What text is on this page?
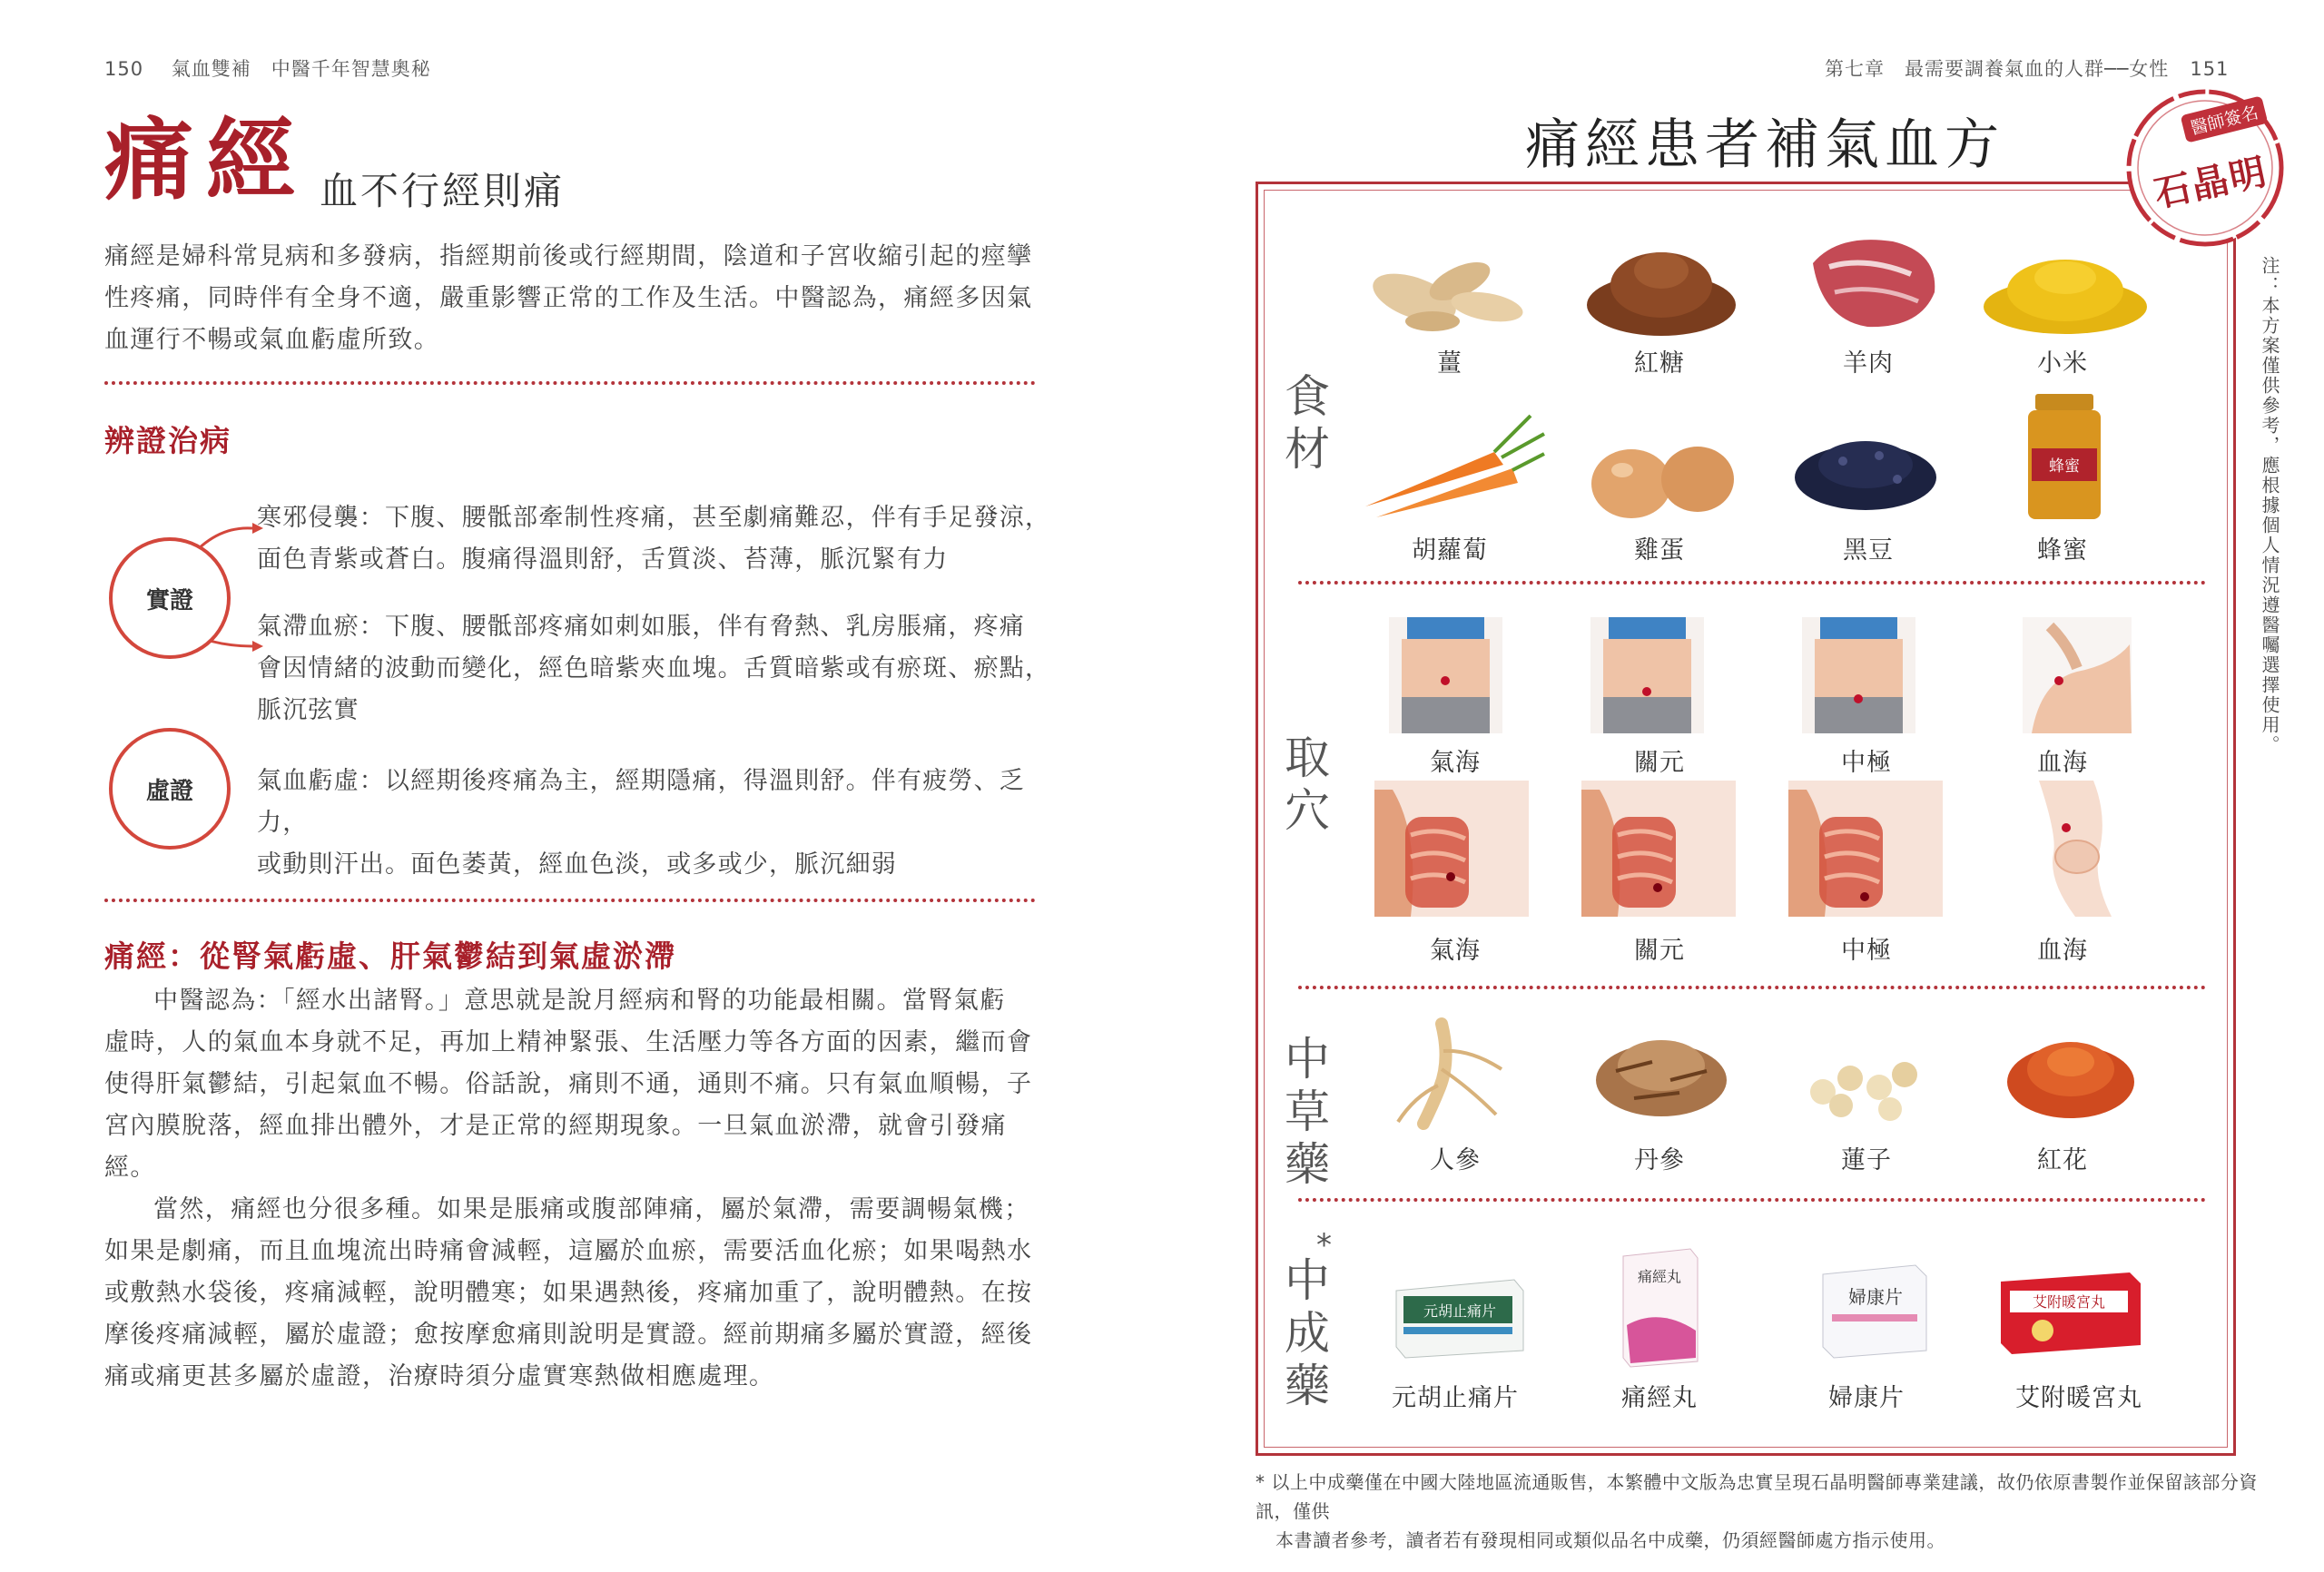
150 氣血雙補　中醫千年智慧奧秘
痛經 血不行經則痛
痛經是婦科常見病和多發病，指經期前後或行經期間，陰道和子宮收縮引起的痙攣
性疼痛，同時伴有全身不適，嚴重影響正常的工作及生活。中醫認為，痛經多因氣
血運行不暢或氣血虧虛所致。
辨證治病
實證
虛證
寒邪侵襲：下腹、腰骶部牽制性疼痛，甚至劇痛難忍，伴有手足發涼，
面色青紫或蒼白。腹痛得溫則舒，舌質淡、苔薄，脈沉緊有力
氣滯血瘀：下腹、腰骶部疼痛如刺如脹，伴有脅熱、乳房脹痛，疼痛
會因情緒的波動而變化，經色暗紫夾血塊。舌質暗紫或有瘀斑、瘀點，
脈沉弦實
氣血虧虛：以經期後疼痛為主，經期隱痛，得溫則舒。伴有疲勞、乏力，
或動則汗出。面色萎黃，經血色淡，或多或少，脈沉細弱
痛經：從腎氣虧虛、肝氣鬱結到氣虛淤滯

中醫認為：「經水出諸腎。」意思就是說月經病和腎的功能最相關。當腎氣虧

虛時，人的氣血本身就不足，再加上精神緊張、生活壓力等各方面的因素，繼而會
使得肝氣鬱結，引起氣血不暢。俗話說，痛則不通，通則不痛。只有氣血順暢，子
宮內膜脫落，經血排出體外，才是正常的經期現象。一旦氣血淤滯，就會引發痛經。

當然，痛經也分很多種。如果是脹痛或腹部陣痛，屬於氣滯，需要調暢氣機；

如果是劇痛，而且血塊流出時痛會減輕，這屬於血瘀，需要活血化瘀；如果喝熱水
或敷熱水袋後，疼痛減輕，說明體寒；如果遇熱後，疼痛加重了，說明體熱。在按
摩後疼痛減輕，屬於虛證；愈按摩愈痛則說明是實證。經前期痛多屬於實證，經後
痛或痛更甚多屬於虛證，治療時須分虛實寒熱做相應處理。
第七章　最需要調養氣血的人群──女性 151
痛經患者補氣血方	醫師簽名
石晶明
注：本方案僅供參考，應根據個人情況遵醫囑選擇使用。
食材
取穴
中草藥
*
中成藥
薑	紅糖	羊肉	小米
蜂蜜
胡蘿蔔	雞蛋	黑豆	蜂蜜
氣海	關元	中極	血海
氣海	關元	中極	血海
人參	丹參	蓮子	紅花
元胡止痛片
痛經丸
婦康片	艾附暖宮丸
元胡止痛片	痛經丸	婦康片	艾附暖宮丸
* 以上中成藥僅在中國大陸地區流通販售，本繁體中文版為忠實呈現石晶明醫師專業建議，故仍依原書製作並保留該部分資訊，僅供
本書讀者參考，讀者若有發現相同或類似品名中成藥，仍須經醫師處方指示使用。
